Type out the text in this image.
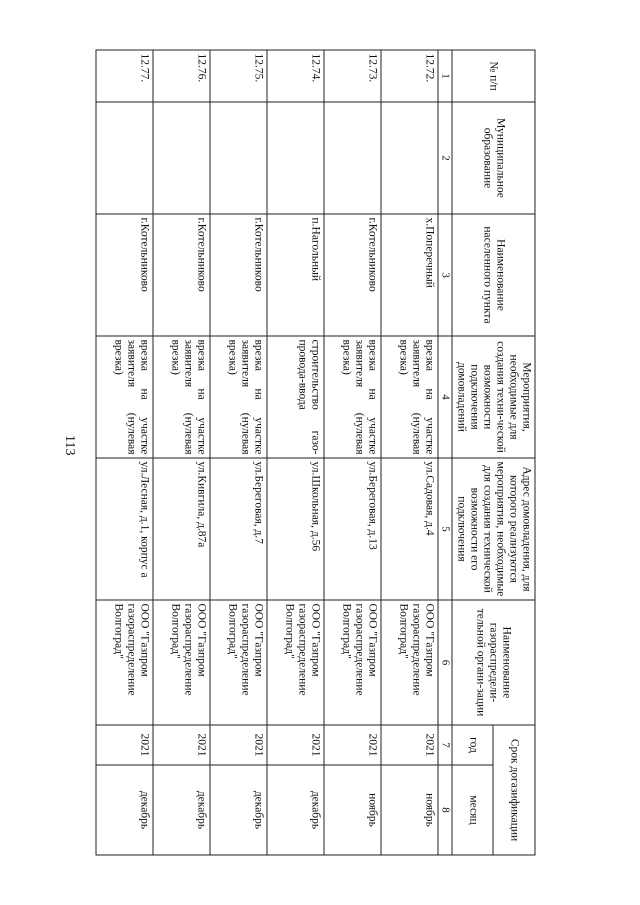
113
№ п/п	Муниципальное образование	Наименование населенного пункта	Мероприятия, необходимые для создания техни-ческой возможности подключения домовладений	Адрес домовладения, для которого реализуются мероприятия, необходимые для создания технической возможности его подключения	Наименование газораспредели-тельной органи-зации	Срок догазификации	
						год	месяц
1	2	3	4	5	6	7	8
12.72.		х.Поперечный	врезка на участке заявителя (нулевая врезка)	ул.Садовая, д.4	ООО "Газпром газораспределение Волгоград"	2021	ноябрь
12.73.		г.Котельниково	врезка на участке заявителя (нулевая врезка)	ул.Береговая, д.13	ООО "Газпром газораспределение Волгоград"	2021	ноябрь
12.74.		п.Нагольный	строительство газо-провода-ввода	ул.Школьная, д.56	ООО "Газпром газораспределение Волгоград"	2021	декабрь
12.75.		г.Котельниково	врезка на участке заявителя (нулевая врезка)	ул.Береговая, д.7	ООО "Газпром газораспределение Волгоград"	2021	декабрь
12.76.		г.Котельниково	врезка на участке заявителя (нулевая врезка)	ул.Кивгила, д.87а	ООО "Газпром газораспределение Волгоград"	2021	декабрь
12.77.		г.Котельниково	врезка на участке заявителя (нулевая врезка)	ул.Лесная, д.1, корпус а	ООО "Газпром газораспределение Волгоград"	2021	декабрь
